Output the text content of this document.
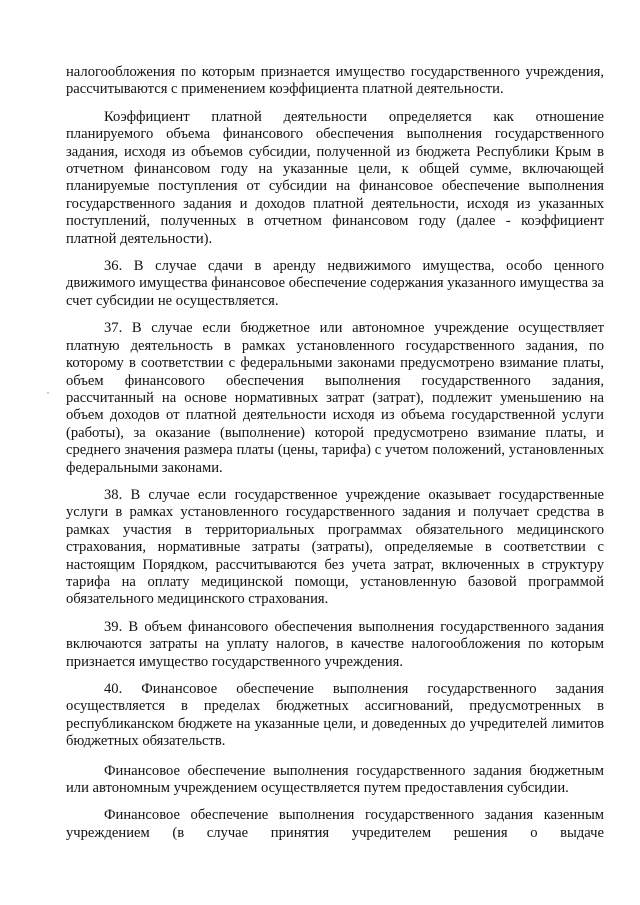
налогообложения по которым признается имущество государственного учреждения, рассчитываются с применением коэффициента платной деятельности.

Коэффициент платной деятельности определяется как отношение планируемого объема финансового обеспечения выполнения государственного задания, исходя из объемов субсидии, полученной из бюджета Республики Крым в отчетном финансовом году на указанные цели, к общей сумме, включающей планируемые поступления от субсидии на финансовое обеспечение выполнения государственного задания и доходов платной деятельности, исходя из указанных поступлений, полученных в отчетном финансовом году (далее - коэффициент платной деятельности).

36. В случае сдачи в аренду недвижимого имущества, особо ценного движимого имущества финансовое обеспечение содержания указанного имущества за счет субсидии не осуществляется.

37. В случае если бюджетное или автономное учреждение осуществляет платную деятельность в рамках установленного государственного задания, по которому в соответствии с федеральными законами предусмотрено взимание платы, объем финансового обеспечения выполнения государственного задания, рассчитанный на основе нормативных затрат (затрат), подлежит уменьшению на объем доходов от платной деятельности исходя из объема государственной услуги (работы), за оказание (выполнение) которой предусмотрено взимание платы, и среднего значения размера платы (цены, тарифа) с учетом положений, установленных федеральными законами.

38. В случае если государственное учреждение оказывает государственные услуги в рамках установленного государственного задания и получает средства в рамках участия в территориальных программах обязательного медицинского страхования, нормативные затраты (затраты), определяемые в соответствии с настоящим Порядком, рассчитываются без учета затрат, включенных в структуру тарифа на оплату медицинской помощи, установленную базовой программой обязательного медицинского страхования.

39. В объем финансового обеспечения выполнения государственного задания включаются затраты на уплату налогов, в качестве налогообложения по которым признается имущество государственного учреждения.

40. Финансовое обеспечение выполнения государственного задания осуществляется в пределах бюджетных ассигнований, предусмотренных в республиканском бюджете на указанные цели, и доведенных до учредителей лимитов бюджетных обязательств.

Финансовое обеспечение выполнения государственного задания бюджетным или автономным учреждением осуществляется путем предоставления субсидии.

Финансовое обеспечение выполнения государственного задания казенным учреждением (в случае принятия учредителем решения о выдаче
